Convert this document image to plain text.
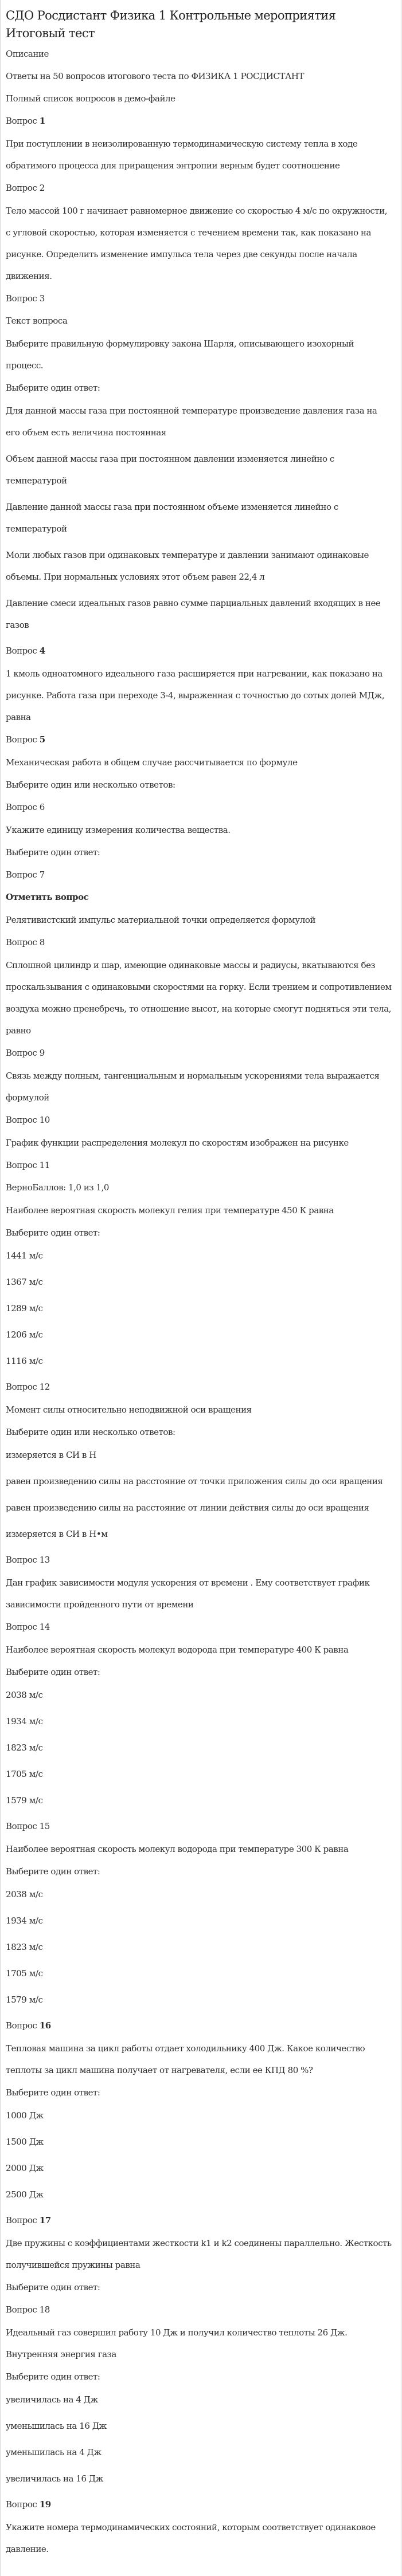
СДО Росдистант Физика 1 Контрольные мероприятия Итоговый тест

Описание

Ответы на 50 вопросов итогового теста по ФИЗИКА 1 РОСДИСТАНТ

Полный список вопросов в демо-файле

Вопрос 1

При поступлении в неизолированную термодинамическую систему тепла в ходе обратимого процесса для приращения энтропии верным будет соотношение

Вопрос 2

Тело массой 100 г начинает равномерное движение со скоростью 4 м/с по окружности, с угловой скоростью, которая изменяется с течением времени так, как показано на рисунке. Определить изменение импульса тела через две секунды после начала движения.

Вопрос 3

Текст вопроса

Выберите правильную формулировку закона Шарля, описывающего изохорный процесс.

Выберите один ответ:

Для данной массы газа при постоянной температуре произведение давления газа на его объем есть величина постоянная

Объем данной массы газа при постоянном давлении изменяется линейно с температурой

Давление данной массы газа при постоянном объеме изменяется линейно с температурой

Моли любых газов при одинаковых температуре и давлении занимают одинаковые объемы. При нормальных условиях этот объем равен 22,4 л

Давление смеси идеальных газов равно сумме парциальных давлений входящих в нее газов

Вопрос 4

1 кмоль одноатомного идеального газа расширяется при нагревании, как показано на рисунке. Работа газа при переходе 3-4, выраженная с точностью до сотых долей МДж, равна

Вопрос 5

Механическая работа в общем случае рассчитывается по формуле

Выберите один или несколько ответов:

Вопрос 6

Укажите единицу измерения количества вещества.

Выберите один ответ:

Вопрос 7

Отметить вопрос

Релятивистский импульс материальной точки определяется формулой

Вопрос 8

Сплошной цилиндр и шар, имеющие одинаковые массы и радиусы, вкатываются без проскальзывания с одинаковыми скоростями на горку. Если трением и сопротивлением воздуха можно пренебречь, то отношение высот, на которые смогут подняться эти тела, равно

Вопрос 9

Связь между полным, тангенциальным и нормальным ускорениями тела выражается формулой

Вопрос 10

График функции распределения молекул по скоростям изображен на рисунке

Вопрос 11

ВерноБаллов: 1,0 из 1,0

Наиболее вероятная скорость молекул гелия при температуре 450 К равна

Выберите один ответ:

1441 м/с

1367 м/с

1289 м/с

1206 м/с

1116 м/с

Вопрос 12

Момент силы относительно неподвижной оси вращения

Выберите один или несколько ответов:

измеряется в СИ в Н

равен произведению силы на расстояние от точки приложения силы до оси вращения

равен произведению силы на расстояние от линии действия силы до оси вращения

измеряется в СИ в Н•м

Вопрос 13

Дан график зависимости модуля ускорения от времени . Ему соответствует график зависимости пройденного пути от времени

Вопрос 14

Наиболее вероятная скорость молекул водорода при температуре 400 К равна

Выберите один ответ:

2038 м/с

1934 м/с

1823 м/с

1705 м/с

1579 м/с

Вопрос 15

Наиболее вероятная скорость молекул водорода при температуре 300 К равна

Выберите один ответ:

2038 м/с

1934 м/с

1823 м/с

1705 м/с

1579 м/с

Вопрос 16

Тепловая машина за цикл работы отдает холодильнику 400 Дж. Какое количество теплоты за цикл машина получает от нагревателя, если ее КПД 80 %?

Выберите один ответ:

1000 Дж

1500 Дж

2000 Дж

2500 Дж

Вопрос 17

Две пружины с коэффициентами жесткости k1 и k2 соединены параллельно. Жесткость получившейся пружины равна

Выберите один ответ:

Вопрос 18

Идеальный газ совершил работу 10 Дж и получил количество теплоты 26 Дж. Внутренняя энергия газа

Выберите один ответ:

увеличилась на 4 Дж

уменьшилась на 16 Дж

уменьшилась на 4 Дж

увеличилась на 16 Дж

Вопрос 19

Укажите номера термодинамических состояний, которым соответствует одинаковое давление.
